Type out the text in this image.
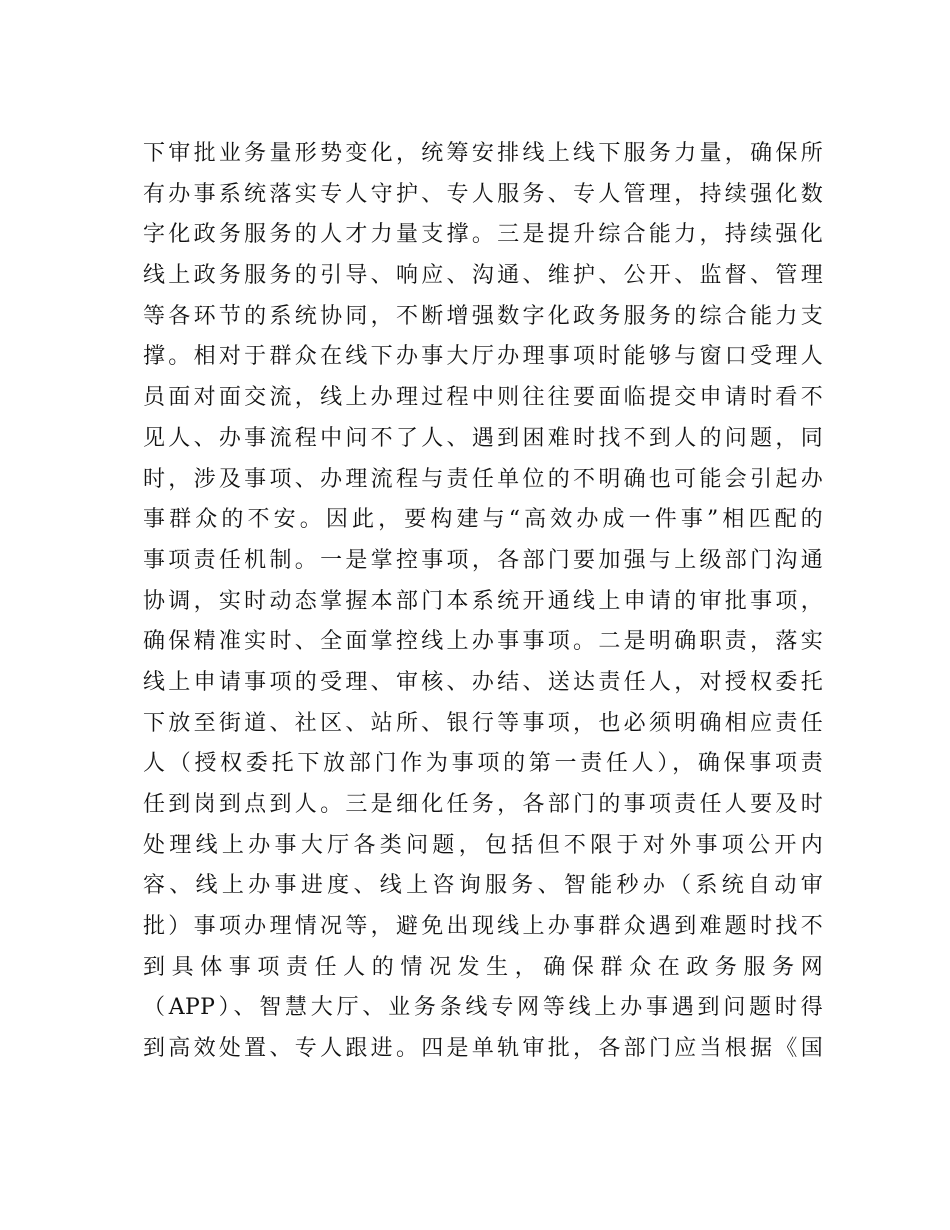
下审批业务量形势变化，统筹安排线上线下服务力量，确保所
有办事系统落实专人守护、专人服务、专人管理，持续强化数
字化政务服务的人才力量支撑。三是提升综合能力，持续强化
线上政务服务的引导、响应、沟通、维护、公开、监督、管理
等各环节的系统协同，不断增强数字化政务服务的综合能力支
撑。相对于群众在线下办事大厅办理事项时能够与窗口受理人
员面对面交流，线上办理过程中则往往要面临提交申请时看不
见人、办事流程中问不了人、遇到困难时找不到人的问题，同
时，涉及事项、办理流程与责任单位的不明确也可能会引起办
事群众的不安。因此，要构建与“高效办成一件事”相匹配的
事项责任机制。一是掌控事项，各部门要加强与上级部门沟通
协调，实时动态掌握本部门本系统开通线上申请的审批事项，
确保精准实时、全面掌控线上办事事项。二是明确职责，落实
线上申请事项的受理、审核、办结、送达责任人，对授权委托
下放至街道、社区、站所、银行等事项，也必须明确相应责任
人（授权委托下放部门作为事项的第一责任人），确保事项责
任到岗到点到人。三是细化任务，各部门的事项责任人要及时
处理线上办事大厅各类问题，包括但不限于对外事项公开内
容、线上办事进度、线上咨询服务、智能秒办（系统自动审
批）事项办理情况等，避免出现线上办事群众遇到难题时找不
到具体事项责任人的情况发生，确保群众在政务服务网
（APP）、智慧大厅、业务条线专网等线上办事遇到问题时得
到高效处置、专人跟进。四是单轨审批，各部门应当根据《国
